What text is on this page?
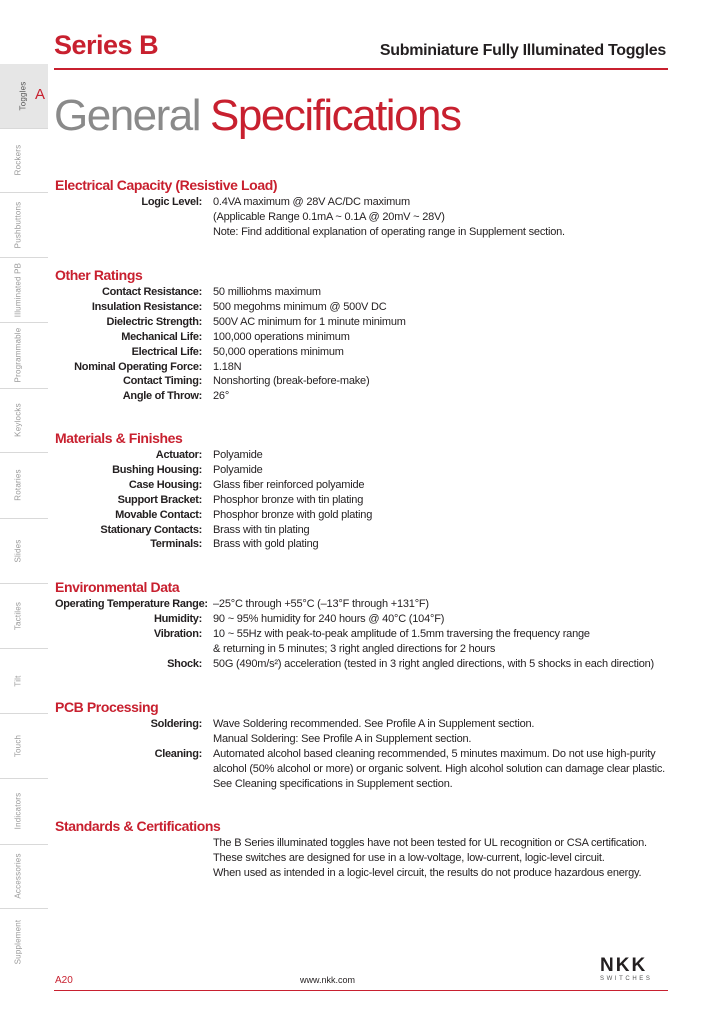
Series B	Subminiature Fully Illuminated Toggles
General Specifications
Toggles A
Rockers
Pushbuttons
Illuminated PB
Programmable
Keylocks
Rotaries
Slides
Tactiles
Tilt
Touch
Indicators
Accessories
Supplement
Electrical Capacity (Resistive Load)
Logic Level:	0.4VA maximum @ 28V AC/DC maximum
(Applicable Range 0.1mA ~ 0.1A @ 20mV ~ 28V)
Note: Find additional explanation of operating range in Supplement section.
Other Ratings
Contact Resistance:	50 milliohms maximum
Insulation Resistance:	500 megohms minimum @ 500V DC
Dielectric Strength:	500V AC minimum for 1 minute minimum
Mechanical Life:	100,000 operations minimum
Electrical Life:	50,000 operations minimum
Nominal Operating Force:	1.18N
Contact Timing:	Nonshorting (break-before-make)
Angle of Throw:	26°
Materials & Finishes
Actuator:	Polyamide
Bushing Housing:	Polyamide
Case Housing:	Glass fiber reinforced polyamide
Support Bracket:	Phosphor bronze with tin plating
Movable Contact:	Phosphor bronze with gold plating
Stationary Contacts:	Brass with tin plating
Terminals:	Brass with gold plating
Environmental Data
Operating Temperature Range: –25°C through +55°C (–13°F through +131°F)
Humidity:	90 ~ 95% humidity for 240 hours @ 40°C (104°F)
Vibration:	10 ~ 55Hz with peak-to-peak amplitude of 1.5mm traversing the frequency range
& returning in 5 minutes; 3 right angled directions for 2 hours
Shock:	50G (490m/s²) acceleration (tested in 3 right angled directions, with 5 shocks in each direction)
PCB Processing
Soldering:	Wave Soldering recommended. See Profile A in Supplement section.
Manual Soldering: See Profile A in Supplement section.
Cleaning:	Automated alcohol based cleaning recommended, 5 minutes maximum. Do not use high-purity
alcohol (50% alcohol or more) or organic solvent. High alcohol solution can damage clear plastic.
See Cleaning specifications in Supplement section.
Standards & Certifications
The B Series illuminated toggles have not been tested for UL recognition or CSA certification.
These switches are designed for use in a low-voltage, low-current, logic-level circuit.
When used as intended in a logic-level circuit, the results do not produce hazardous energy.
A20	www.nkk.com
NKK
SWITCHES
